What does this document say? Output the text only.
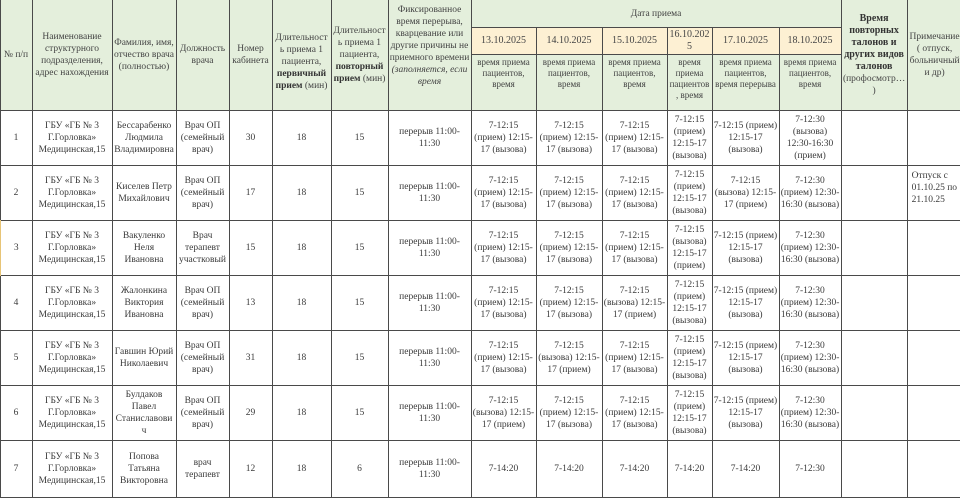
№ п/п	Наименование структурного подразделения, адрес нахождения	Фамилия, имя, отчество врача (полностью)	Должность врача	Номер кабинета	Длительность приема 1 пациента, первичный прием (мин)	Длительность приема 1 пациента, повторный прием (мин)	Фиксированное время перерыва, кварцевание или другие причины не приемного времени (заполняется, если время	Дата приема						Время повторных талонов и других видов талонов (профосмотр… )	Примечание ( отпуск, больничный и др)
								13.10.2025	14.10.2025	15.10.2025	16.10.2025	17.10.2025	18.10.2025		
								время приема пациентов, время	время приема пациентов, время	время приема пациентов, время	время приема пациентов, время	время приема пациентов, время перерыва	время приема пациентов, время		
1	ГБУ «ГБ № 3 Г.Горловка» Медицинская,15	Бессарабенко Людмила Владимировна	Врач ОП (семейный врач)	30	18	15	перерыв 11:00-11:30	7-12:15 (прием) 12:15-17 (вызова)	7-12:15 (прием) 12:15-17 (вызова)	7-12:15 (прием) 12:15-17 (вызова)	7-12:15 (прием) 12:15-17 (вызова)	7-12:15 (прием) 12:15-17 (вызова)	7-12:30 (вызова) 12:30-16:30 (прием)		
2	ГБУ «ГБ № 3 Г.Горловка» Медицинская,15	Киселев Петр Михайлович	Врач ОП (семейный врач)	17	18	15	перерыв 11:00-11:30	7-12:15 (прием) 12:15-17 (вызова)	7-12:15 (прием) 12:15-17 (вызова)	7-12:15 (прием) 12:15-17 (вызова)	7-12:15 (прием) 12:15-17 (вызова)	7-12:15 (вызова) 12:15-17 (прием)	7-12:30 (прием) 12:30-16:30 (вызова)		Отпуск с 01.10.25 по 21.10.25
3	ГБУ «ГБ № 3 Г.Горловка» Медицинская,15	Вакуленко Неля Ивановна	Врач терапевт участковый	15	18	15	перерыв 11:00-11:30	7-12:15 (прием) 12:15-17 (вызова)	7-12:15 (прием) 12:15-17 (вызова)	7-12:15 (прием) 12:15-17 (вызова)	7-12:15 (вызова) 12:15-17 (прием)	7-12:15 (прием) 12:15-17 (вызова)	7-12:30 (прием) 12:30-16:30 (вызова)		
4	ГБУ «ГБ № 3 Г.Горловка» Медицинская,15	Жалонкина Виктория Ивановна	Врач ОП (семейный врач)	13	18	15	перерыв 11:00-11:30	7-12:15 (прием) 12:15-17 (вызова)	7-12:15 (прием) 12:15-17 (вызова)	7-12:15 (вызова) 12:15-17 (прием)	7-12:15 (прием) 12:15-17 (вызова)	7-12:15 (прием) 12:15-17 (вызова)	7-12:30 (прием) 12:30-16:30 (вызова)		
5	ГБУ «ГБ № 3 Г.Горловка» Медицинская,15	Гавшин Юрий Николаевич	Врач ОП (семейный врач)	31	18	15	перерыв 11:00-11:30	7-12:15 (прием) 12:15-17 (вызова)	7-12:15 (вызова) 12:15-17 (прием)	7-12:15 (прием) 12:15-17 (вызова)	7-12:15 (прием) 12:15-17 (вызова)	7-12:15 (прием) 12:15-17 (вызова)	7-12:30 (прием) 12:30-16:30 (вызова)		
6	ГБУ «ГБ № 3 Г.Горловка» Медицинская,15	Булдаков Павел Станиславович	Врач ОП (семейный врач)	29	18	15	перерыв 11:00-11:30	7-12:15 (вызова) 12:15-17 (прием)	7-12:15 (прием) 12:15-17 (вызова)	7-12:15 (прием) 12:15-17 (вызова)	7-12:15 (прием) 12:15-17 (вызова)	7-12:15 (прием) 12:15-17 (вызова)	7-12:30 (прием) 12:30-16:30 (вызова)		
7	ГБУ «ГБ № 3 Г.Горловка» Медицинская,15	Попова Татьяна Викторовна	врач терапевт	12	18	6	перерыв 11:00-11:30	7-14:20	7-14:20	7-14:20	7-14:20	7-14:20	7-12:30		
